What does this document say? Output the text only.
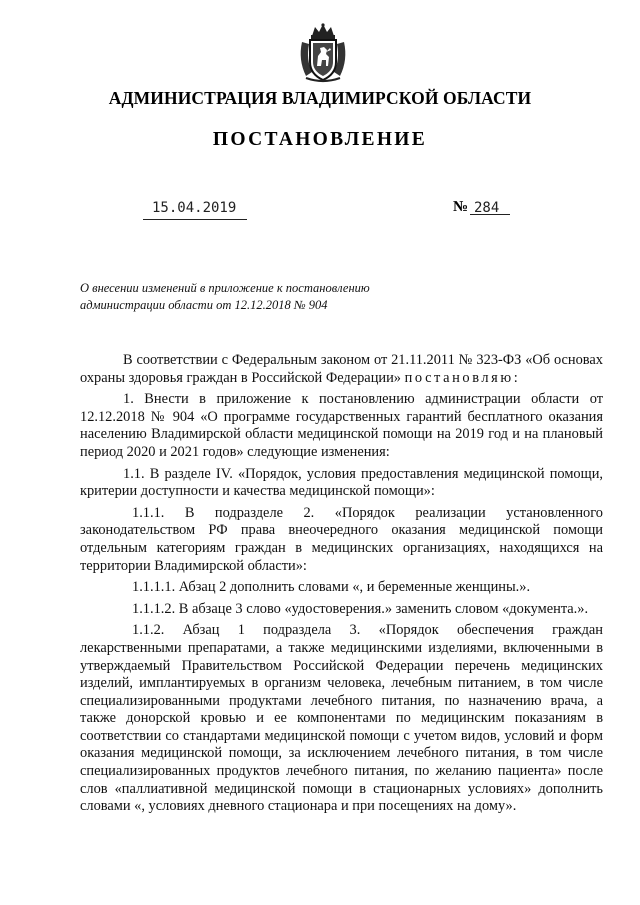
АДМИНИСТРАЦИЯ ВЛАДИМИРСКОЙ ОБЛАСТИ
ПОСТАНОВЛЕНИЕ
15.04.2019	№ 284
О внесении изменений в приложение к постановлению администрации области от 12.12.2018 № 904

В соответствии с Федеральным законом от 21.11.2011 № 323-ФЗ «Об основах охраны здоровья граждан в Российской Федерации» постановляю:

1. Внести в приложение к постановлению администрации области от 12.12.2018 № 904 «О программе государственных гарантий бесплатного оказания населению Владимирской области медицинской помощи на 2019 год и на плановый период 2020 и 2021 годов» следующие изменения:

1.1. В разделе IV. «Порядок, условия предоставления медицинской помощи, критерии доступности и качества медицинской помощи»:

1.1.1. В подразделе 2. «Порядок реализации установленного законодательством РФ права внеочередного оказания медицинской помощи отдельным категориям граждан в медицинских организациях, находящихся на территории Владимирской области»:

1.1.1.1. Абзац 2 дополнить словами «, и беременные женщины.».

1.1.1.2. В абзаце 3 слово «удостоверения.» заменить словом «документа.».

1.1.2. Абзац 1 подраздела 3. «Порядок обеспечения граждан лекарственными препаратами, а также медицинскими изделиями, включенными в утверждаемый Правительством Российской Федерации перечень медицинских изделий, имплантируемых в организм человека, лечебным питанием, в том числе специализированными продуктами лечебного питания, по назначению врача, а также донорской кровью и ее компонентами по медицинским показаниям в соответствии со стандартами медицинской помощи с учетом видов, условий и форм оказания медицинской помощи, за исключением лечебного питания, в том числе специализированных продуктов лечебного питания, по желанию пациента» после слов «паллиативной медицинской помощи в стационарных условиях» дополнить словами «, условиях дневного стационара и при посещениях на дому».
